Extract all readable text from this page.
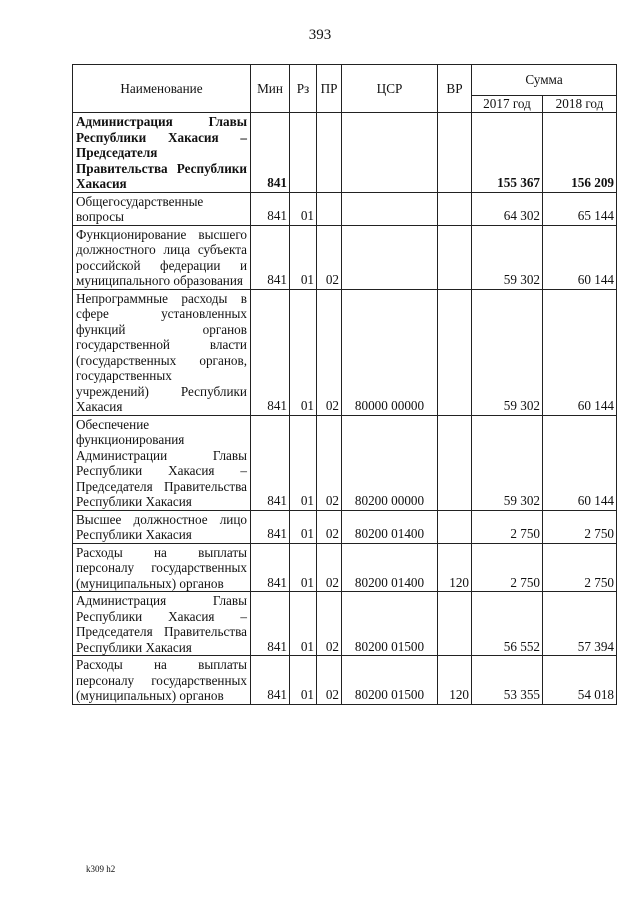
393
Наименование	Мин	Рз	ПР	ЦСР	ВР	Сумма	
						2017 год	2018 год
Администрация Главы Республики Хакасия – Председателя Правительства Республики Хакасия	841					155 367	156 209
Общегосударственные вопросы	841	01				64 302	65 144
Функционирование высшего должностного лица субъекта российской федерации и муниципального образования	841	01	02			59 302	60 144
Непрограммные расходы в сфере установленных функций органов государственной власти (государственных органов, государственных учреждений) Республики Хакасия	841	01	02	80000 00000		59 302	60 144
Обеспечение функционирования Администрации Главы Республики Хакасия – Председателя Правительства Республики Хакасия	841	01	02	80200 00000		59 302	60 144
Высшее должностное лицо Республики Хакасия	841	01	02	80200 01400		2 750	2 750
Расходы на выплаты персоналу государственных (муниципальных) органов	841	01	02	80200 01400	120	2 750	2 750
Администрация Главы Республики Хакасия – Председателя Правительства Республики Хакасия	841	01	02	80200 01500		56 552	57 394
Расходы на выплаты персоналу государственных (муниципальных) органов	841	01	02	80200 01500	120	53 355	54 018
k309 h2
